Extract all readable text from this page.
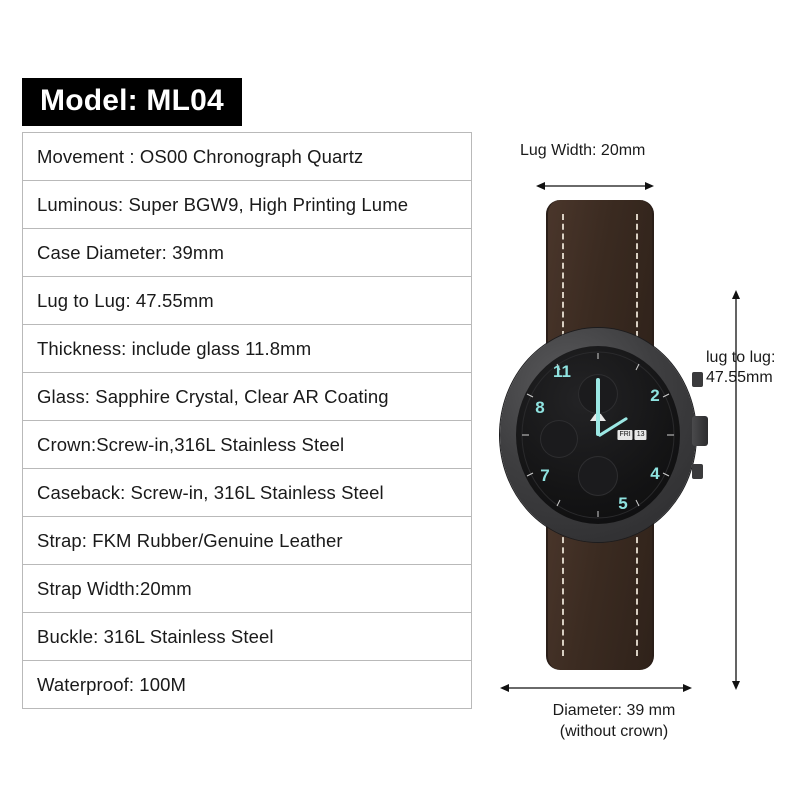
Model: ML04
Movement : OS00 Chronograph Quartz
Luminous: Super BGW9, High Printing Lume
Case Diameter: 39mm
Lug to Lug: 47.55mm
Thickness: include glass 11.8mm
Glass: Sapphire Crystal, Clear AR Coating
Crown:Screw-in,316L Stainless Steel
Caseback: Screw-in, 316L Stainless Steel
Strap: FKM Rubber/Genuine Leather
Strap Width:20mm
Buckle: 316L Stainless Steel
Waterproof: 100M
Lug Width: 20mm
lug to lug:
47.55mm
Diameter: 39 mm
(without crown)
11
2
4
5
7
8
FRI 13
